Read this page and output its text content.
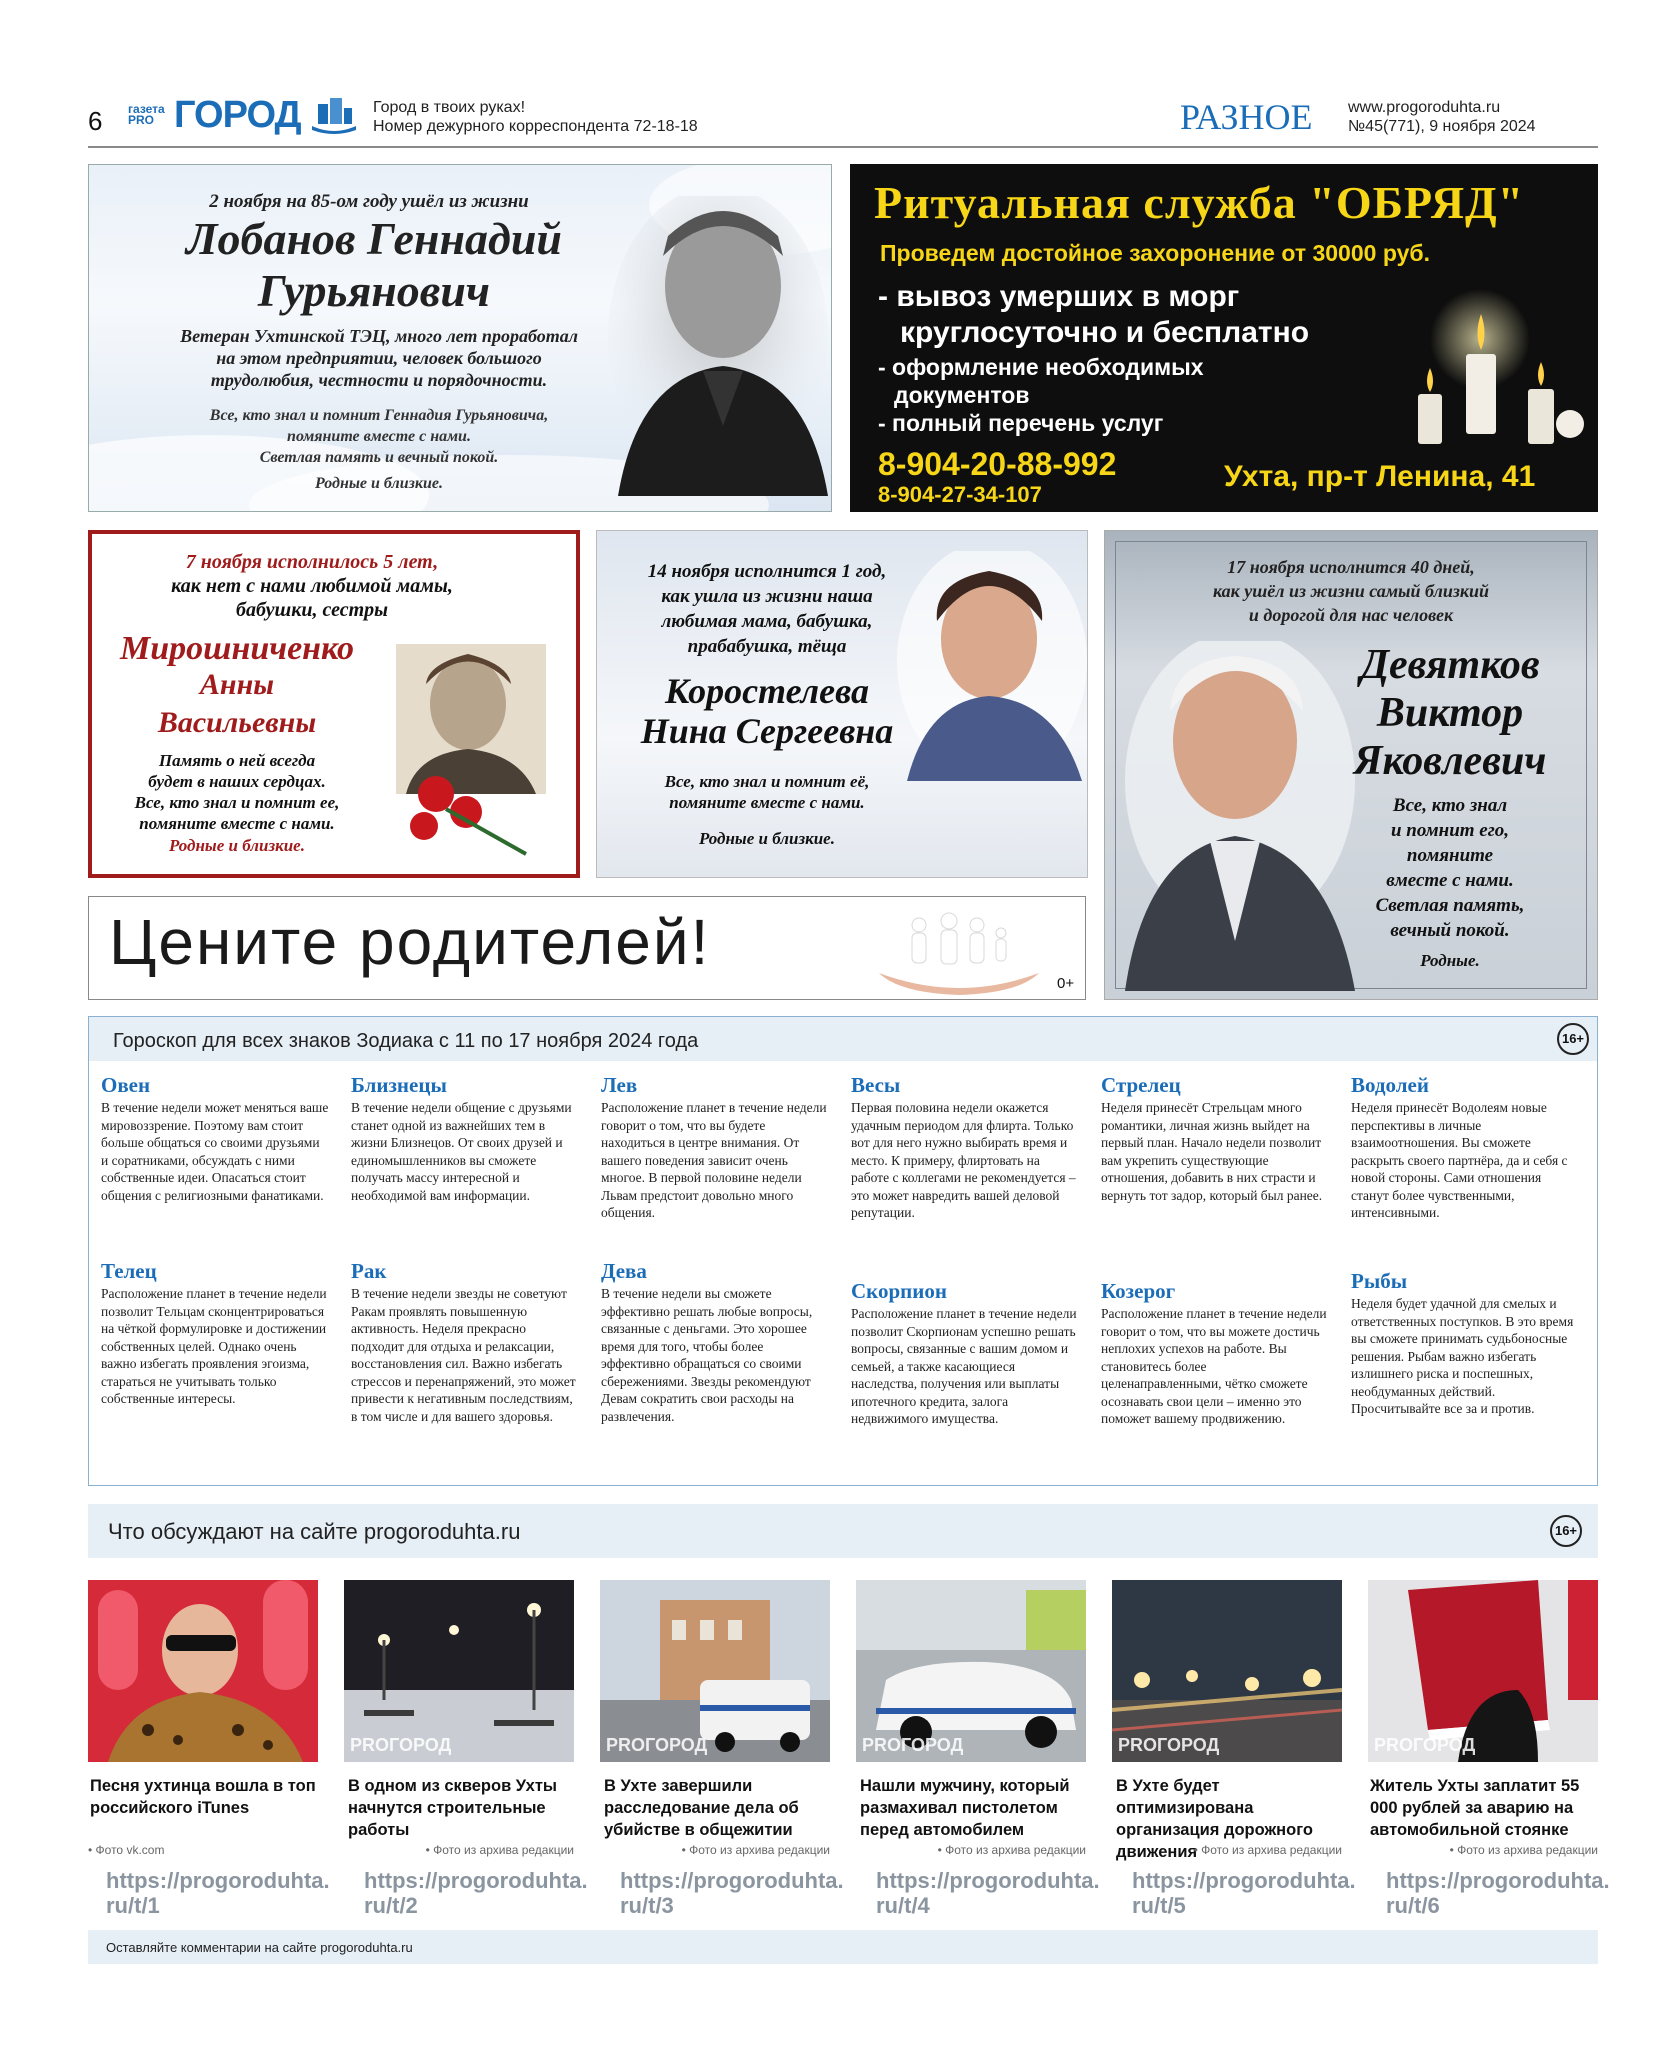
6 газета PRO ГОРОД	Город в твоих руках!
Номер дежурного корреспондента 72-18-18	РАЗНОЕ www.progoroduhta.ru
№45(771), 9 ноября 2024
2 ноября на 85-ом году ушёл из жизни
Лобанов Геннадий
Гурьянович
Ветеран Ухтинской ТЭЦ, много лет проработал
на этом предприятии, человек большого
трудолюбия, честности и порядочности.
Все, кто знал и помнит Геннадия Гурьяновича,
помяните вместе с нами.
Светлая память и вечный покой.
Родные и близкие.
Ритуальная служба "ОБРЯД"
Проведем достойное захоронение от 30000 руб.
- вывоз умерших в морг
круглосуточно и бесплатно
- оформление необходимых
документов
- полный перечень услуг
8-904-20-88-992
8-904-27-34-107
Ухта, пр-т Ленина, 41
7 ноября исполнилось 5 лет,
как нет с нами любимой мамы,
бабушки, сестры
Мирошниченко
Анны
Васильевны
Память о ней всегда
будет в наших сердцах.
Все, кто знал и помнит ее,
помяните вместе с нами.
Родные и близкие.
14 ноября исполнится 1 год,
как ушла из жизни наша
любимая мама, бабушка,
прабабушка, тёща
Коростелева
Нина Сергеевна
Все, кто знал и помнит её,
помяните вместе с нами.
Родные и близкие.
17 ноября исполнится 40 дней,
как ушёл из жизни самый близкий
и дорогой для нас человек
Девятков
Виктор
Яковлевич
Все, кто знал
и помнит его,
помяните
вместе с нами.
Светлая память,
вечный покой.
Родные.
Цените родителей!
0+
Гороскоп для всех знаков Зодиака с 11 по 17 ноября 2024 года	16+
Овен
В течение недели может меняться ваше мировоззрение. Поэтому вам стоит больше общаться со своими друзьями и соратниками, обсуждать с ними собственные идеи. Опасаться стоит общения с религиозными фанатиками.
Телец
Расположение планет в течение недели позволит Тельцам сконцентрироваться на чёткой формулировке и достижении собственных целей. Однако очень важно избегать проявления эгоизма, стараться не учитывать только собственные интересы.
Близнецы
В течение недели общение с друзьями станет одной из важнейших тем в жизни Близнецов. От своих друзей и единомышленников вы сможете получать массу интересной и необходимой вам информации.
Рак
В течение недели звезды не советуют Ракам проявлять повышенную активность. Неделя прекрасно подходит для отдыха и релаксации, восстановления сил. Важно избегать стрессов и перенапряжений, это может привести к негативным последствиям, в том числе и для вашего здоровья.
Лев
Расположение планет в течение недели говорит о том, что вы будете находиться в центре внимания. От вашего поведения зависит очень многое. В первой половине недели Львам предстоит довольно много общения.
Дева
В течение недели вы сможете эффективно решать любые вопросы, связанные с деньгами. Это хорошее время для того, чтобы более эффективно обращаться со своими сбережениями. Звезды рекомендуют Девам сократить свои расходы на развлечения.
Весы
Первая половина недели окажется удачным периодом для флирта. Только вот для него нужно выбирать время и место. К примеру, флиртовать на работе с коллегами не рекомендуется – это может навредить вашей деловой репутации.
Скорпион
Расположение планет в течение недели позволит Скорпионам успешно решать вопросы, связанные с вашим домом и семьей, а также касающиеся наследства, получения или выплаты ипотечного кредита, залога недвижимого имущества.
Стрелец
Неделя принесёт Стрельцам много романтики, личная жизнь выйдет на первый план. Начало недели позволит вам укрепить существующие отношения, добавить в них страсти и вернуть тот задор, который был ранее.
Козерог
Расположение планет в течение недели говорит о том, что вы можете достичь неплохих успехов на работе. Вы становитесь более целенаправленными, чётко сможете осознавать свои цели – именно это поможет вашему продвижению.
Водолей
Неделя принесёт Водолеям новые перспективы в личные взаимоотношения. Вы сможете раскрыть своего партнёра, да и себя с новой стороны. Сами отношения станут более чувственными, интенсивными.
Рыбы
Неделя будет удачной для смелых и ответственных поступков. В это время вы сможете принимать судьбоносные решения. Рыбам важно избегать излишнего риска и поспешных, необдуманных действий. Просчитывайте все за и против.
Что обсуждают на сайте progoroduhta.ru	16+
Песня ухтинца вошла в топ российского iTunes
• Фото vk.com
https://progoroduhta.
ru/t/1
PROГОРОД
В одном из скверов Ухты начнутся строительные работы
• Фото из архива редакции
https://progoroduhta.
ru/t/2
PROГОРОД
В Ухте завершили расследование дела об убийстве в общежитии
• Фото из архива редакции
https://progoroduhta.
ru/t/3
PROГОРОД
Нашли мужчину, который размахивал пистолетом перед автомобилем
• Фото из архива редакции
https://progoroduhta.
ru/t/4
PROГОРОД
В Ухте будет оптимизирована организация дорожного движения
• Фото из архива редакции
https://progoroduhta.
ru/t/5
PROГОРОД
Житель Ухты заплатит 55 000 рублей за аварию на автомобильной стоянке
• Фото из архива редакции
https://progoroduhta.
ru/t/6
Оставляйте комментарии на сайте progoroduhta.ru
